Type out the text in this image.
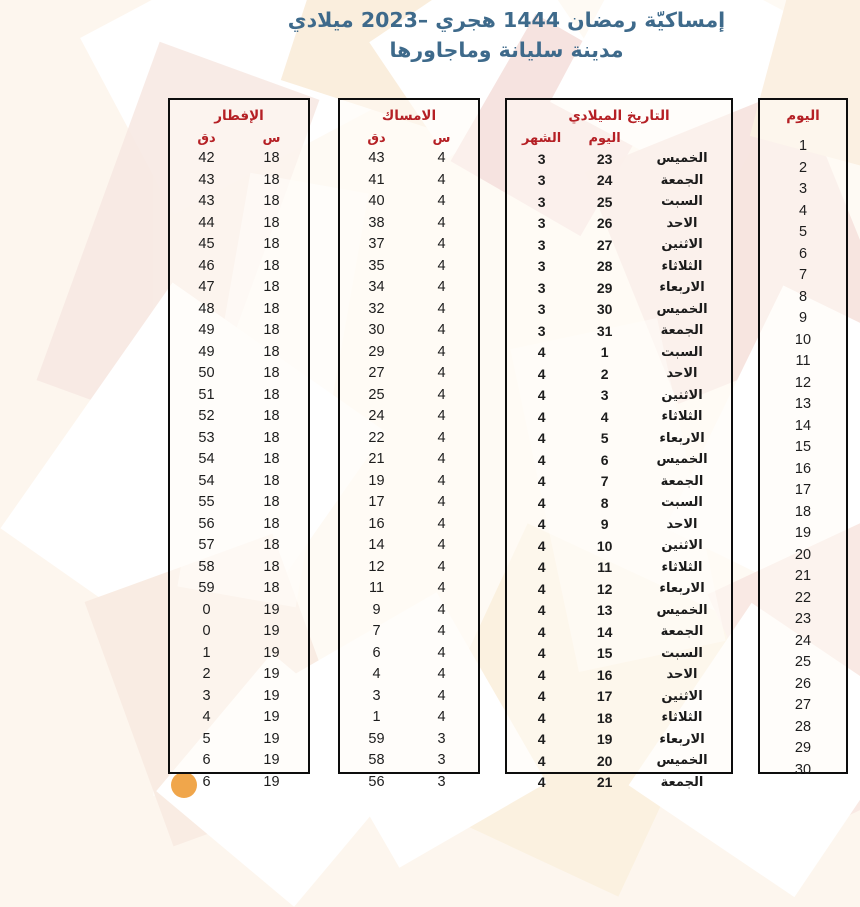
إمساكيّة رمضان 1444 هجري –2023 ميلادي
مدينة سليانة وماجاورها
اليوم
1
2
3
4
5
6
7
8
9
10
11
12
13
14
15
16
17
18
19
20
21
22
23
24
25
26
27
28
29
30
التاريخ الميلادي
اليوم
الشهر
الخميس
23
3
الجمعة
24
3
السبت
25
3
الاحد
26
3
الاثنين
27
3
الثلاثاء
28
3
الاربعاء
29
3
الخميس
30
3
الجمعة
31
3
السبت
1
4
الاحد
2
4
الاثنين
3
4
الثلاثاء
4
4
الاربعاء
5
4
الخميس
6
4
الجمعة
7
4
السبت
8
4
الاحد
9
4
الاثنين
10
4
الثلاثاء
11
4
الاربعاء
12
4
الخميس
13
4
الجمعة
14
4
السبت
15
4
الاحد
16
4
الاثنين
17
4
الثلاثاء
18
4
الاربعاء
19
4
الخميس
20
4
الجمعة
21
4
الامساك
س
دق
4
43
4
41
4
40
4
38
4
37
4
35
4
34
4
32
4
30
4
29
4
27
4
25
4
24
4
22
4
21
4
19
4
17
4
16
4
14
4
12
4
11
4
9
4
7
4
6
4
4
4
3
4
1
3
59
3
58
3
56
الإفطار
س
دق
18
42
18
43
18
43
18
44
18
45
18
46
18
47
18
48
18
49
18
49
18
50
18
51
18
52
18
53
18
54
18
54
18
55
18
56
18
57
18
58
18
59
19
0
19
0
19
1
19
2
19
3
19
4
19
5
19
6
19
6
